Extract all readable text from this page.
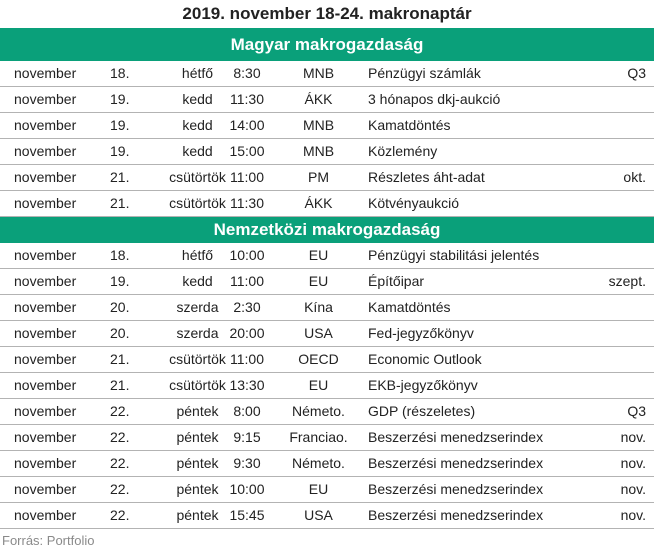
2019. november 18-24. makronaptár
Magyar makrogazdaság
november 18.	hétfő	8:30	MNB	Pénzügyi számlák	Q3
november 19.	kedd	11:30	ÁKK	3 hónapos dkj-aukció
november 19.	kedd	14:00	MNB	Kamatdöntés
november 19.	kedd	15:00	MNB	Közlemény
november 21.	csütörtök 11:00	PM	Részletes áht-adat	okt.
november 21.	csütörtök 11:30	ÁKK	Kötvényaukció
Nemzetközi makrogazdaság
november 18.	hétfő	10:00	EU	Pénzügyi stabilitási jelentés
november 19.	kedd	11:00	EU	Építőipar	szept.
november 20.	szerda	2:30	Kína	Kamatdöntés
november 20.	szerda 20:00	USA	Fed-jegyzőkönyv
november 21.	csütörtök 11:00	OECD	Economic Outlook
november 21.	csütörtök 13:30	EU	EKB-jegyzőkönyv
november 22.	péntek	8:00	Németo.	GDP (részeletes)	Q3
november 22.	péntek	9:15	Franciao.	Beszerzési menedzserindex	nov.
november 22.	péntek	9:30	Németo.	Beszerzési menedzserindex	nov.
november 22.	péntek 10:00	EU	Beszerzési menedzserindex	nov.
november 22.	péntek 15:45	USA	Beszerzési menedzserindex	nov.
Forrás: Portfolio
